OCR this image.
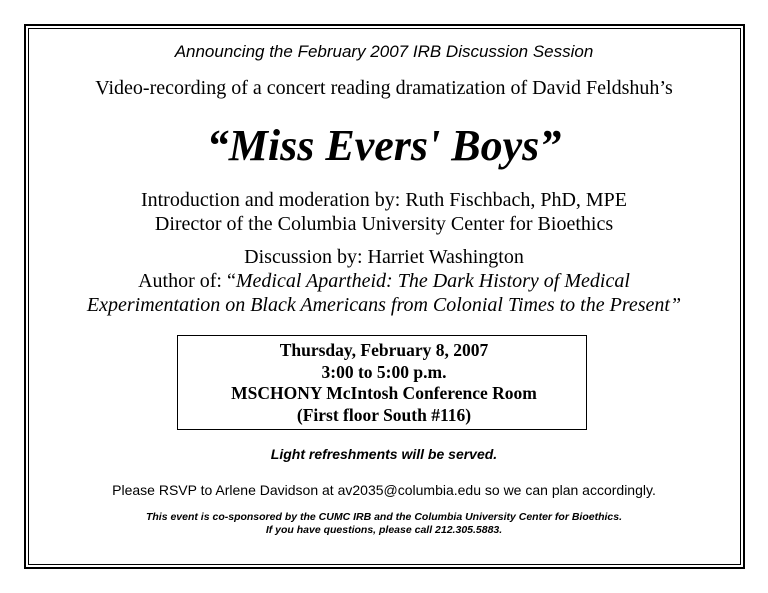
Announcing the February 2007 IRB Discussion Session
Video-recording of a concert reading dramatization of David Feldshuh’s
“Miss Evers' Boys”
Introduction and moderation by: Ruth Fischbach, PhD, MPE
Director of the Columbia University Center for Bioethics
Discussion by: Harriet Washington
Author of: “Medical Apartheid: The Dark History of Medical
Experimentation on Black Americans from Colonial Times to the Present”
Thursday, February 8, 2007
3:00 to 5:00 p.m.
MSCHONY McIntosh Conference Room
(First floor South #116)
Light refreshments will be served.
Please RSVP to Arlene Davidson at av2035@columbia.edu so we can plan accordingly.
This event is co-sponsored by the CUMC IRB and the Columbia University Center for Bioethics.
If you have questions, please call 212.305.5883.
